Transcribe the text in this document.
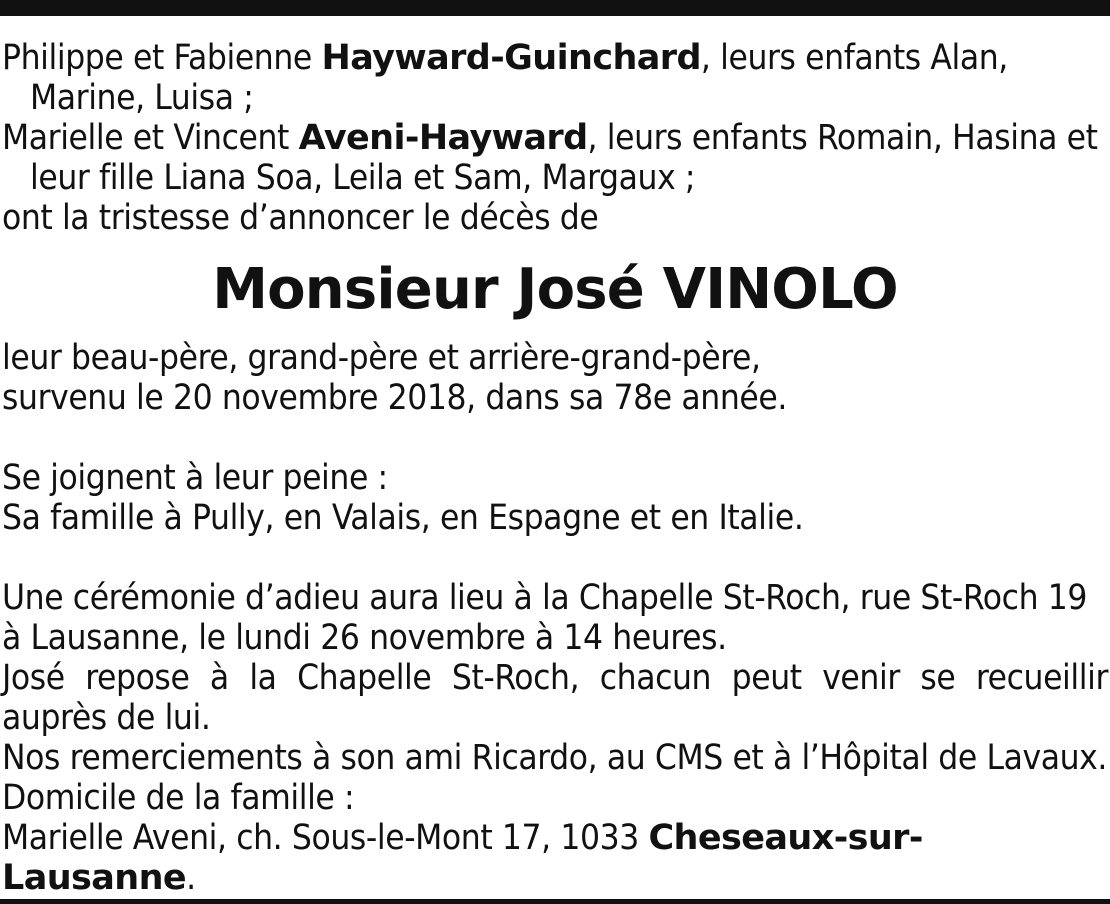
Philippe et Fabienne Hayward-Guinchard, leurs enfants Alan, Marine, Luisa ;

Marielle et Vincent Aveni-Hayward, leurs enfants Romain, Hasina et leur fille Liana Soa, Leila et Sam, Margaux ;

ont la tristesse d’annoncer le décès de

Monsieur José VINOLO

leur beau-père, grand-père et arrière-grand-père,

survenu le 20 novembre 2018, dans sa 78e année.

Se joignent à leur peine :

Sa famille à Pully, en Valais, en Espagne et en Italie.

Une cérémonie d’adieu aura lieu à la Chapelle St-Roch, rue St-Roch 19

à Lausanne, le lundi 26 novembre à 14 heures.

José repose à la Chapelle St-Roch, chacun peut venir se recueillir auprès de lui.

Nos remerciements à son ami Ricardo, au CMS et à l’Hôpital de Lavaux.

Domicile de la famille :

Marielle Aveni, ch. Sous-le-Mont 17, 1033 Cheseaux-sur-Lausanne.
